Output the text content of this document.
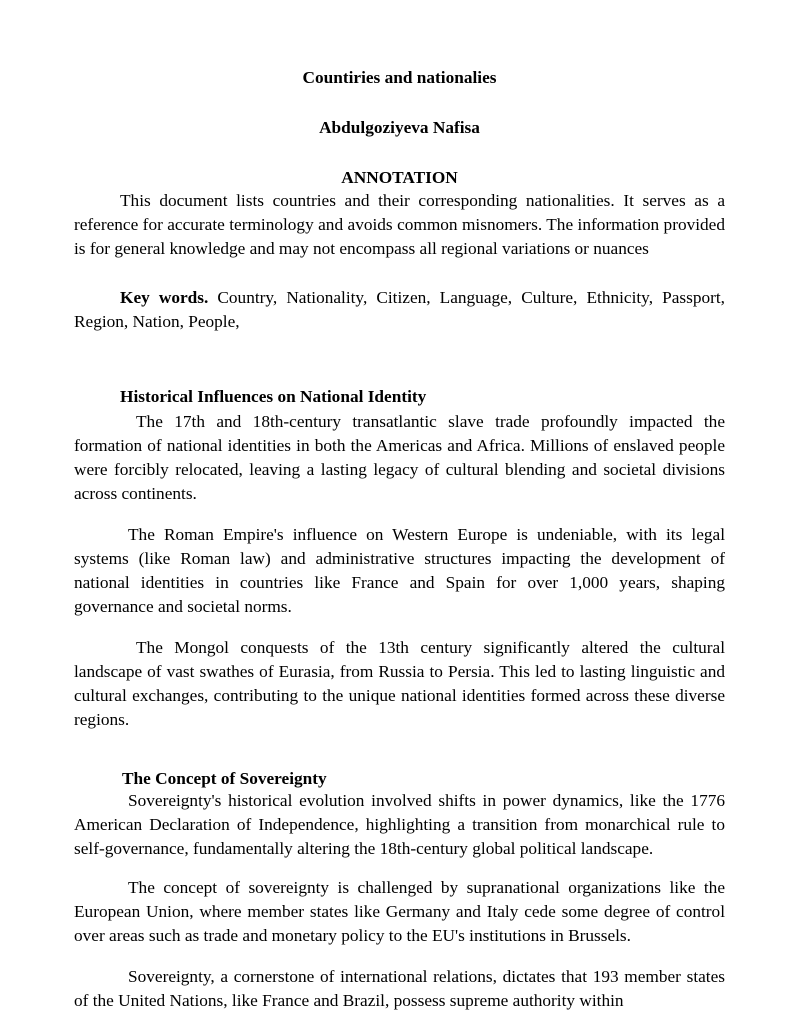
Countiries and nationalies

Abdulgoziyeva Nafisa

ANNOTATION

This document lists countries and their corresponding nationalities. It serves as a reference for accurate terminology and avoids common misnomers. The information provided is for general knowledge and may not encompass all regional variations or nuances

Key words. Country, Nationality, Citizen, Language, Culture, Ethnicity, Passport, Region, Nation, People,

Historical Influences on National Identity

The 17th and 18th-century transatlantic slave trade profoundly impacted the formation of national identities in both the Americas and Africa. Millions of enslaved people were forcibly relocated, leaving a lasting legacy of cultural blending and societal divisions across continents.

The Roman Empire's influence on Western Europe is undeniable, with its legal systems (like Roman law) and administrative structures impacting the development of national identities in countries like France and Spain for over 1,000 years, shaping governance and societal norms.

The Mongol conquests of the 13th century significantly altered the cultural landscape of vast swathes of Eurasia, from Russia to Persia. This led to lasting linguistic and cultural exchanges, contributing to the unique national identities formed across these diverse regions.

The Concept of Sovereignty

Sovereignty's historical evolution involved shifts in power dynamics, like the 1776 American Declaration of Independence, highlighting a transition from monarchical rule to self-governance, fundamentally altering the 18th-century global political landscape.

The concept of sovereignty is challenged by supranational organizations like the European Union, where member states like Germany and Italy cede some degree of control over areas such as trade and monetary policy to the EU's institutions in Brussels.

Sovereignty, a cornerstone of international relations, dictates that 193 member states of the United Nations, like France and Brazil, possess supreme authority within
